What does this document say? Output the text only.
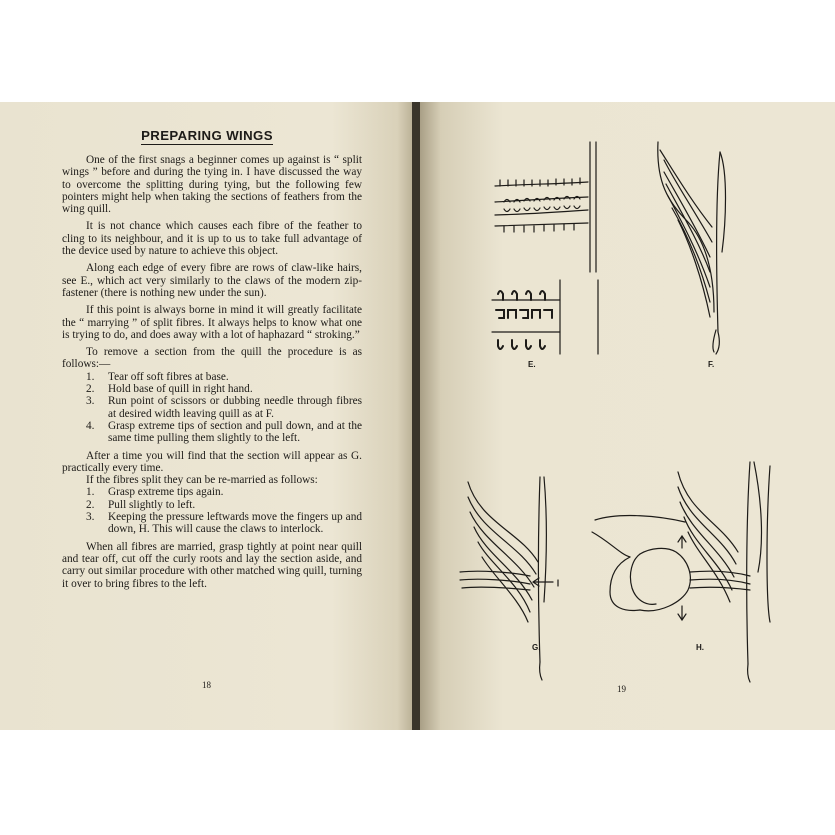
PREPARING WINGS

One of the first snags a beginner comes up against is “ split wings ” before and during the tying in. I have discussed the way to overcome the splitting during tying, but the following few pointers might help when taking the sections of feathers from the wing quill.

It is not chance which causes each fibre of the feather to cling to its neighbour, and it is up to us to take full advantage of the device used by nature to achieve this object.

Along each edge of every fibre are rows of claw-like hairs, see E., which act very similarly to the claws of the modern zip-fastener (there is nothing new under the sun).

If this point is always borne in mind it will greatly facilitate the “ marrying ” of split fibres. It always helps to know what one is trying to do, and does away with a lot of haphazard “ stroking.”

To remove a section from the quill the procedure is as follows:—

1.	Tear off soft fibres at base.
2.	Hold base of quill in right hand.
3.	Run point of scissors or dubbing needle through fibres at desired width leaving quill as at F.
4.	Grasp extreme tips of section and pull down, and at the same time pulling them slightly to the left.

After a time you will find that the section will appear as G. practically every time.

If the fibres split they can be re-married as follows:

1.	Grasp extreme tips again.
2.	Pull slightly to left.
3.	Keeping the pressure leftwards move the fingers up and down, H. This will cause the claws to interlock.

When all fibres are married, grasp tightly at point near quill and tear off, cut off the curly roots and lay the section aside, and carry out similar procedure with other matched wing quill, turning it over to bring fibres to the left.

18
E.	F.
G.	H.
19
